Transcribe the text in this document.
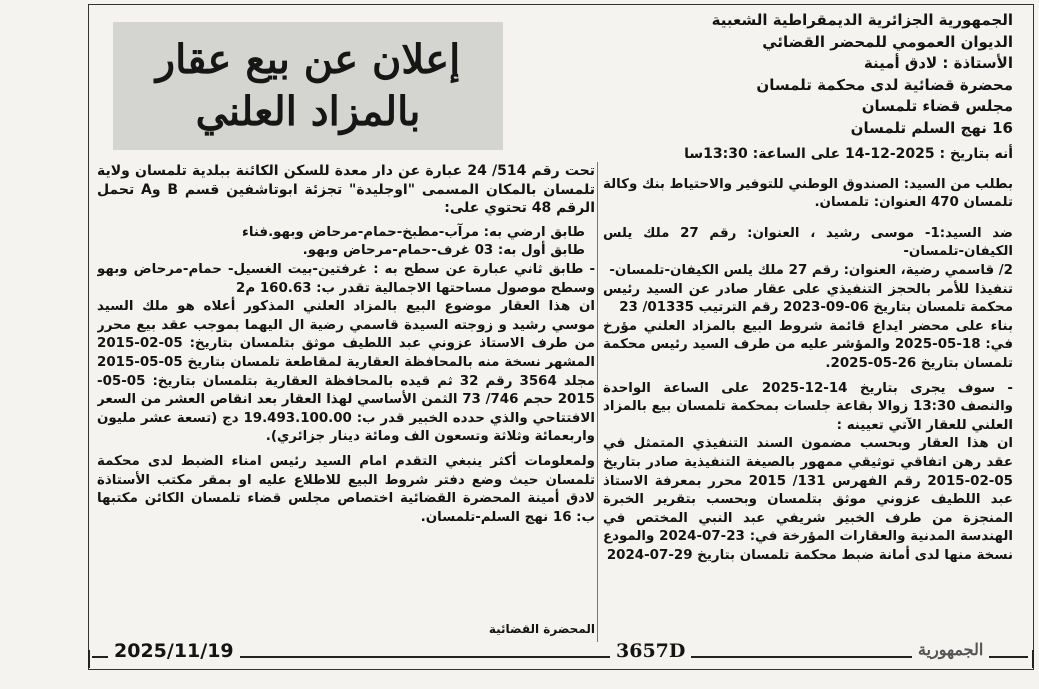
تحت رقم 514/ 24 عبارة عن دار معدة للسكن الكائنة ببلدية تلمسان ولاية تلمسان بالمكان المسمى "اوجليدة" تجزئة ابوتاشفين قسم B وA تحمل الرقم 48 تحتوي على:

طابق ارضي به: مرآب-مطبخ-حمام-مرحاض وبهو.فناء

طابق أول به: 03 غرف-حمام-مرحاض وبهو.

- طابق ثاني عبارة عن سطح به : غرفتين-بيت الغسيل- حمام-مرحاض وبهو وسطح موصول مساحتها الاجمالية تقدر ب: 160.63 م2

ان هذا العقار موضوع البيع بالمزاد العلني المذكور أعلاه هو ملك السيد موسي رشيد و زوجته السيدة قاسمي رضية ال اليهما بموجب عقد بيع محرر من طرف الاستاذ عزوني عبد اللطيف موثق بتلمسان بتاريخ: 05-02-2015 المشهر نسخة منه بالمحافظة العقارية لمقاطعة تلمسان بتاريخ 05-05-2015 مجلد 3564 رقم 32 ثم قيده بالمحافظة العقارية بتلمسان بتاريخ: 05-05-2015 حجم 746/ 73 الثمن الأساسي لهذا العقار بعد انقاص العشر من السعر الافتتاحي والذي حدده الخبير قدر ب: 19.493.100.00 دج (تسعة عشر مليون واربعمائة وثلاثة وتسعون الف ومائة دينار جزائري).

ولمعلومات أكثر ينبغي التقدم امام السيد رئيس امناء الضبط لدى محكمة تلمسان حيث وضع دفتر شروط البيع للاطلاع عليه او بمقر مكتب الأستاذة لادق أمينة المحضرة القضائية اختصاص مجلس قضاء تلمسان الكائن مكتبها ب: 16 نهج السلم-تلمسان.

المحضرة القضائية
إعلان عن بيع عقار
بالمزاد العلني
الجمهورية الجزائرية الديمقراطية الشعبية
الديوان العمومي للمحضر القضائي
الأستاذة : لادق أمينة
محضرة قضائية لدى محكمة تلمسان
مجلس قضاء تلمسان
16 نهج السلم تلمسان

أنه بتاريخ : 2025-12-14 على الساعة: 13:30سا

بطلب من السيد: الصندوق الوطني للتوفير والاحتياط بنك وكالة تلمسان 470 العنوان: تلمسان.

ضد السيد:1- موسى رشيد ، العنوان: رقم 27 ملك يلس الكيفان-تلمسان-

2/ قاسمي رضية، العنوان: رقم 27 ملك يلس الكيفان-تلمسان-

تنفيذا للأمر بالحجز التنفيذي على عقار صادر عن السيد رئيس محكمة تلمسان بتاريخ 06-09-2023 رقم الترتيب 01335/ 23

بناء على محضر ايداع قائمة شروط البيع بالمزاد العلني مؤرخ في: 18-05-2025 والمؤشر عليه من طرف السيد رئيس محكمة تلمسان بتاريخ 26-05-2025.

- سوف يجرى بتاريخ 14-12-2025 على الساعة الواحدة والنصف 13:30 زوالا بقاعة جلسات بمحكمة تلمسان بيع بالمزاد العلني للعقار الآتي تعيينه :

ان هذا العقار وبحسب مضمون السند التنفيذي المتمثل في عقد رهن اتفاقي توثيقي ممهور بالصيغة التنفيذية صادر بتاريخ 05-02-2015 رقم الفهرس 131/ 2015 محرر بمعرفة الاستاذ عبد اللطيف عزوني موثق بتلمسان وبحسب بتقرير الخبرة المنجزة من طرف الخبير شريفي عبد النبي المختص في الهندسة المدنية والعقارات المؤرخة في: 23-07-2024 والمودع نسخة منها لدى أمانة ضبط محكمة تلمسان بتاريخ 29-07-2024

2025/11/19	3657D	الجمهورية
